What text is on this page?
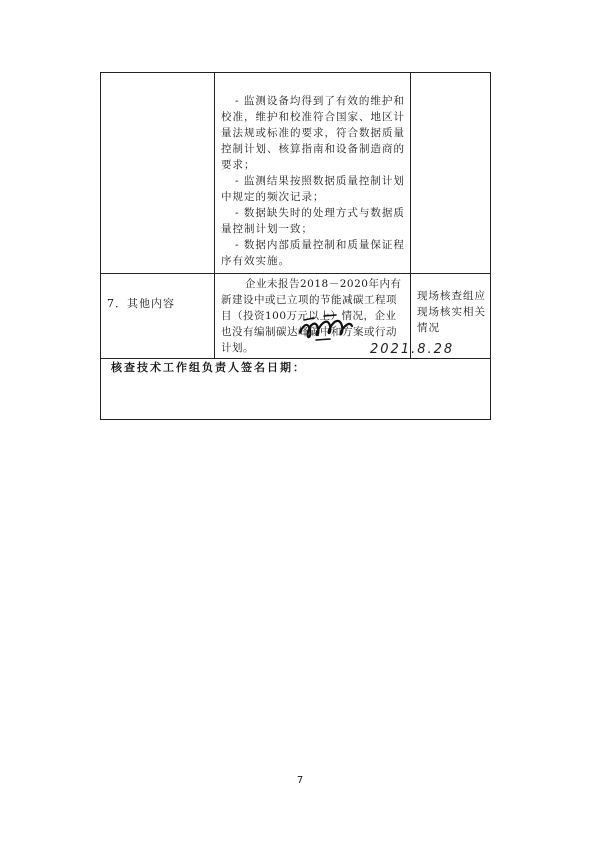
	- 监测设备均得到了有效的维护和校准，维护和校准符合国家、地区计量法规或标准的要求，符合数据质量控制计划、核算指南和设备制造商的要求；

- 监测结果按照数据质量控制计划中规定的频次记录；

- 数据缺失时的处理方式与数据质量控制计划一致；

- 数据内部质量控制和质量保证程序有效实施。	

7．其他内容	企业未报告2018－2020年内有新建设中或已立项的节能减碳工程项目（投资100万元以上）情况，企业也没有编制碳达峰碳中和方案或行动计划。	现场核查组应现场核实相关情况

核查技术工作组负责人签名日期：		
2021.8.28
7
